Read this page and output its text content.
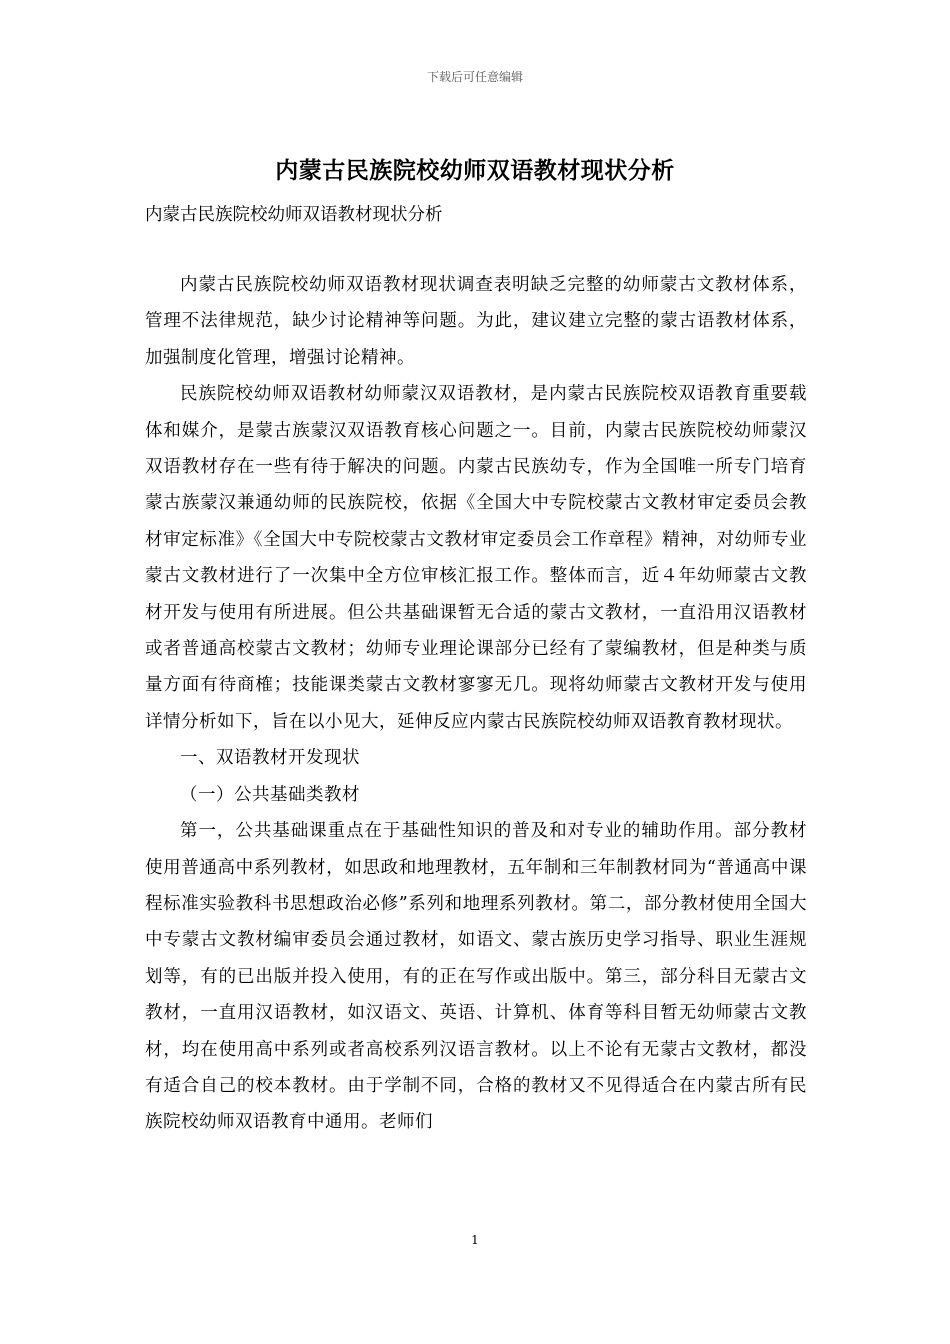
下载后可任意编辑
内蒙古民族院校幼师双语教材现状分析
内蒙古民族院校幼师双语教材现状分析

内蒙古民族院校幼师双语教材现状调查表明缺乏完整的幼师蒙古文教材体系，管理不法律规范，缺少讨论精神等问题。为此，建议建立完整的蒙古语教材体系，加强制度化管理，增强讨论精神。

民族院校幼师双语教材幼师蒙汉双语教材，是内蒙古民族院校双语教育重要载体和媒介，是蒙古族蒙汉双语教育核心问题之一。目前，内蒙古民族院校幼师蒙汉双语教材存在一些有待于解决的问题。内蒙古民族幼专，作为全国唯一所专门培育蒙古族蒙汉兼通幼师的民族院校，依据《全国大中专院校蒙古文教材审定委员会教材审定标准》《全国大中专院校蒙古文教材审定委员会工作章程》精神，对幼师专业蒙古文教材进行了一次集中全方位审核汇报工作。整体而言，近４年幼师蒙古文教材开发与使用有所进展。但公共基础课暂无合适的蒙古文教材，一直沿用汉语教材或者普通高校蒙古文教材；幼师专业理论课部分已经有了蒙编教材，但是种类与质量方面有待商榷；技能课类蒙古文教材寥寥无几。现将幼师蒙古文教材开发与使用详情分析如下，旨在以小见大，延伸反应内蒙古民族院校幼师双语教育教材现状。

一、双语教材开发现状

（一）公共基础类教材

第一，公共基础课重点在于基础性知识的普及和对专业的辅助作用。部分教材使用普通高中系列教材，如思政和地理教材，五年制和三年制教材同为“普通高中课程标准实验教科书思想政治必修”系列和地理系列教材。第二，部分教材使用全国大中专蒙古文教材编审委员会通过教材，如语文、蒙古族历史学习指导、职业生涯规划等，有的已出版并投入使用，有的正在写作或出版中。第三，部分科目无蒙古文教材，一直用汉语教材，如汉语文、英语、计算机、体育等科目暂无幼师蒙古文教材，均在使用高中系列或者高校系列汉语言教材。以上不论有无蒙古文教材，都没有适合自己的校本教材。由于学制不同，合格的教材又不见得适合在内蒙古所有民族院校幼师双语教育中通用。老师们

1
